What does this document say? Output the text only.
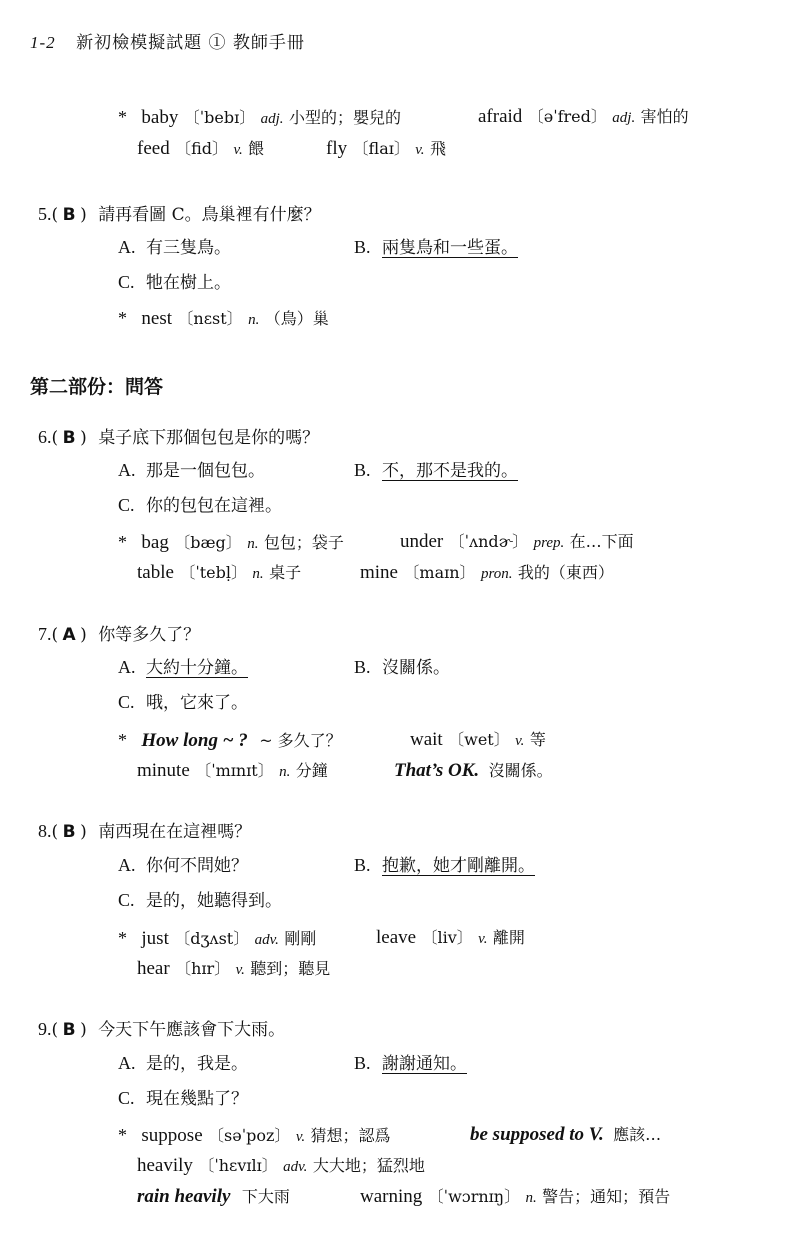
1-2 新初檢模擬試題 ① 教師手冊
* baby 〔ˈbebɪ〕 adj. 小型的；嬰兒的	afraid 〔əˈfred〕 adj. 害怕的
feed 〔fid〕 v. 餵	fly 〔flaɪ〕 v. 飛
5.( B ) 請再看圖 C。鳥巢裡有什麼？
A. 有三隻鳥。	B. 兩隻鳥和一些蛋。
C. 牠在樹上。
* nest 〔nɛst〕 n. （鳥）巢
第二部份：問答
6.( B ) 桌子底下那個包包是你的嗎？
A. 那是一個包包。	B. 不，那不是我的。
C. 你的包包在這裡。
* bag 〔bæg〕 n. 包包；袋子	under 〔ˈʌndɚ〕 prep. 在…下面
table 〔ˈtebḷ〕 n. 桌子	mine 〔maɪn〕 pron. 我的（東西）
7.( A ) 你等多久了？
A. 大約十分鐘。	B. 沒關係。
C. 哦，它來了。
* How long ~ ? ~ 多久了？	wait 〔wet〕 v. 等
minute 〔ˈmɪnɪt〕 n. 分鐘	That’s OK. 沒關係。
8.( B ) 南西現在在這裡嗎？
A. 你何不問她？	B. 抱歉，她才剛離開。
C. 是的，她聽得到。
* just 〔dʒʌst〕 adv. 剛剛	leave 〔liv〕 v. 離開
hear 〔hɪr〕 v. 聽到；聽見
9.( B ) 今天下午應該會下大雨。
A. 是的，我是。	B. 謝謝通知。
C. 現在幾點了？
* suppose 〔səˈpoz〕 v. 猜想；認爲	be supposed to V. 應該…
heavily 〔ˈhɛvɪlɪ〕 adv. 大大地；猛烈地
rain heavily 下大雨	warning 〔ˈwɔrnɪŋ〕 n. 警告；通知；預告
